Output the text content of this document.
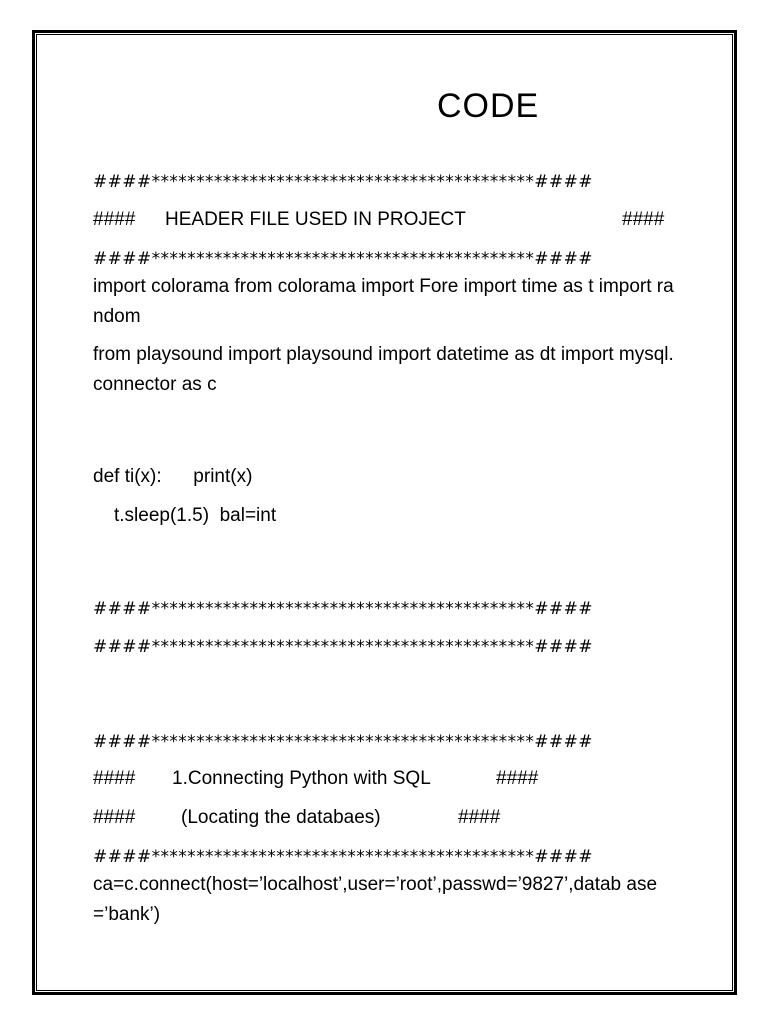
CODE
####*******************************************####
#### HEADER FILE USED IN PROJECT	####
####*******************************************####
import colorama from colorama import Fore import time as t import random
from playsound import playsound import datetime as dt import mysql.connector as c
def ti(x):      print(x)
t.sleep(1.5)  bal=int
####*******************************************####
####*******************************************####
####*******************************************####
#### 1.Connecting Python with SQL	####
#### (Locating the databaes)	####
####*******************************************####
ca=c.connect(host=’localhost’,user=’root’,passwd=’9827’,datab ase=’bank’)
